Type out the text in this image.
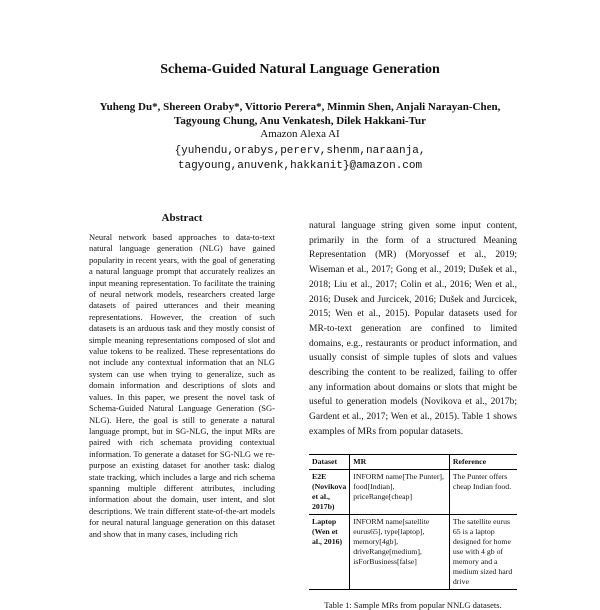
Schema-Guided Natural Language Generation
Yuheng Du*, Shereen Oraby*, Vittorio Perera*, Minmin Shen, Anjali Narayan-Chen,
Tagyoung Chung, Anu Venkatesh, Dilek Hakkani-Tur
Amazon Alexa AI
{yuhendu,orabys,pererv,shenm,naraanja,
tagyoung,anuvenk,hakkanit}@amazon.com
Abstract
Neural network based approaches to data-to-text natural language generation (NLG) have gained popularity in recent years, with the goal of generating a natural language prompt that accurately realizes an input meaning representation. To facilitate the training of neural network models, researchers created large datasets of paired utterances and their meaning representations. However, the creation of such datasets is an arduous task and they mostly consist of simple meaning representations composed of slot and value tokens to be realized. These representations do not include any contextual information that an NLG system can use when trying to generalize, such as domain information and descriptions of slots and values. In this paper, we present the novel task of Schema-Guided Natural Language Generation (SG-NLG). Here, the goal is still to generate a natural language prompt, but in SG-NLG, the input MRs are paired with rich schemata providing contextual information. To generate a dataset for SG-NLG we re-purpose an existing dataset for another task: dialog state tracking, which includes a large and rich schema spanning multiple different attributes, including information about the domain, user intent, and slot descriptions. We train different state-of-the-art models for neural natural language generation on this dataset and show that in many cases, including rich
natural language string given some input content, primarily in the form of a structured Meaning Representation (MR) (Moryossef et al., 2019; Wiseman et al., 2017; Gong et al., 2019; Dušek et al., 2018; Liu et al., 2017; Colin et al., 2016; Wen et al., 2016; Dusek and Jurcicek, 2016; Dušek and Jurcicek, 2015; Wen et al., 2015). Popular datasets used for MR-to-text generation are confined to limited domains, e.g., restaurants or product information, and usually consist of simple tuples of slots and values describing the content to be realized, failing to offer any information about domains or slots that might be useful to generation models (Novikova et al., 2017b; Gardent et al., 2017; Wen et al., 2015). Table 1 shows examples of MRs from popular datasets.
Dataset	MR	Reference
E2E (Novikova et al., 2017b)	INFORM name[The Punter], food[Indian], priceRange[cheap]	The Punter offers cheap Indian food.
Laptop (Wen et al., 2016)	INFORM name[satellite eurus65], type[laptop], memory[4gb], driveRange[medium], isForBusiness[false]	The satellite eurus 65 is a laptop designed for home use with 4 gb of memory and a medium sized hard drive
Table 1: Sample MRs from popular NNLG datasets.
